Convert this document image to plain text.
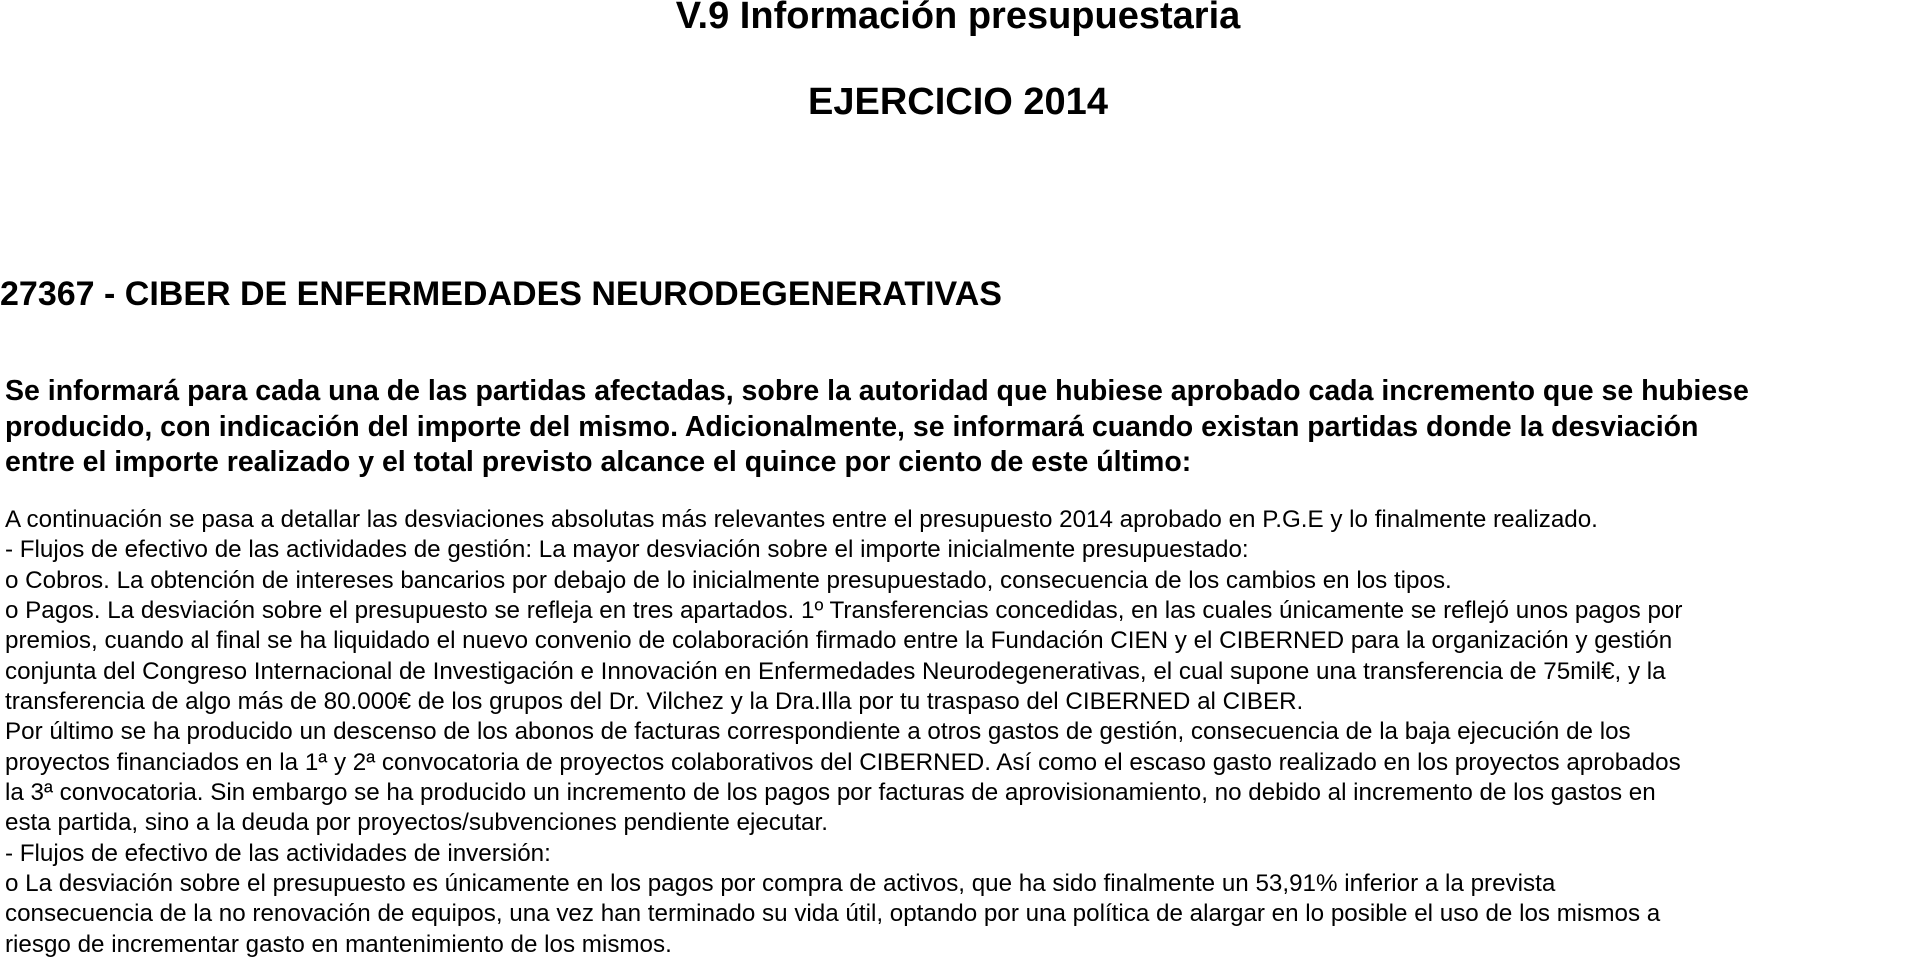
V.9 Información presupuestaria
EJERCICIO 2014
27367 - CIBER DE ENFERMEDADES NEURODEGENERATIVAS
Se informará para cada una de las partidas afectadas, sobre la autoridad que hubiese aprobado cada incremento que se hubiese
producido, con indicación del importe del mismo. Adicionalmente, se informará cuando existan partidas donde la desviación
entre el importe realizado y el total previsto alcance el quince por ciento de este último:
A continuación se pasa a detallar las desviaciones absolutas más relevantes entre el presupuesto 2014 aprobado en P.G.E y lo finalmente realizado.
- Flujos de efectivo de las actividades de gestión: La mayor desviación sobre el importe inicialmente presupuestado:
o Cobros. La obtención de intereses bancarios por debajo de lo inicialmente presupuestado, consecuencia de los cambios en los tipos.
o Pagos. La desviación sobre el presupuesto se refleja en tres apartados. 1º Transferencias concedidas, en las cuales únicamente se reflejó unos pagos por
premios, cuando al final se ha liquidado el nuevo convenio de colaboración firmado entre la Fundación CIEN y el CIBERNED para la organización y gestión
conjunta del Congreso Internacional de Investigación e Innovación en Enfermedades Neurodegenerativas, el cual supone una transferencia de 75mil€, y la
transferencia de algo más de 80.000€ de los grupos del Dr. Vilchez y la Dra.Illa por tu traspaso del CIBERNED al CIBER.
Por último se ha producido un descenso de los abonos de facturas correspondiente a otros gastos de gestión, consecuencia de la baja ejecución de los
proyectos financiados en la 1ª y 2ª convocatoria de proyectos colaborativos del CIBERNED. Así como el escaso gasto realizado en los proyectos aprobados
la 3ª convocatoria. Sin embargo se ha producido un incremento de los pagos por facturas de aprovisionamiento, no debido al incremento de los gastos en
esta partida, sino a la deuda por proyectos/subvenciones pendiente ejecutar.
- Flujos de efectivo de las actividades de inversión:
o La desviación sobre el presupuesto es únicamente en los pagos por compra de activos, que ha sido finalmente un 53,91% inferior a la prevista
consecuencia de la no renovación de equipos, una vez han terminado su vida útil, optando por una política de alargar en lo posible el uso de los mismos a
riesgo de incrementar gasto en mantenimiento de los mismos.
